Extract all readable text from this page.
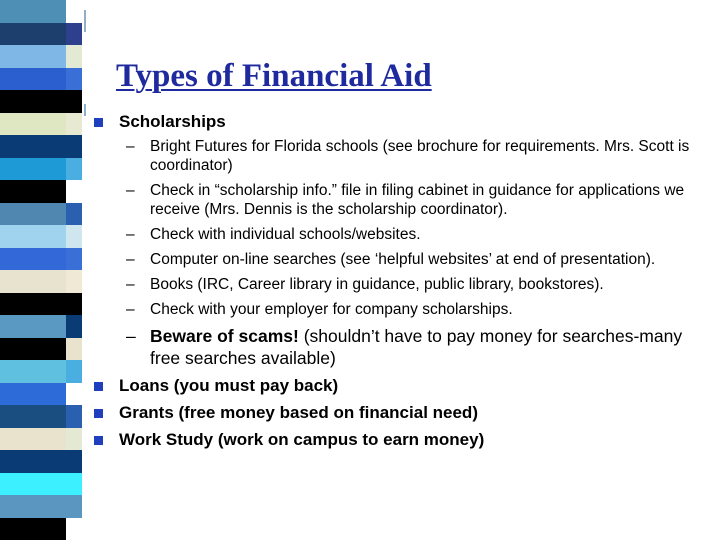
Types of Financial Aid
Scholarships
– Bright Futures for Florida schools (see brochure for requirements. Mrs. Scott is coordinator)
– Check in “scholarship info.” file in filing cabinet in guidance for applications we receive (Mrs. Dennis is the scholarship coordinator).
– Check with individual schools/websites.
– Computer on-line searches (see ‘helpful websites’ at end of presentation).
– Books (IRC, Career library in guidance, public library, bookstores).
– Check with your employer for company scholarships.
– Beware of scams! (shouldn’t have to pay money for searches-many free searches available)
Loans (you must pay back)
Grants (free money based on financial need)
Work Study (work on campus to earn money)
